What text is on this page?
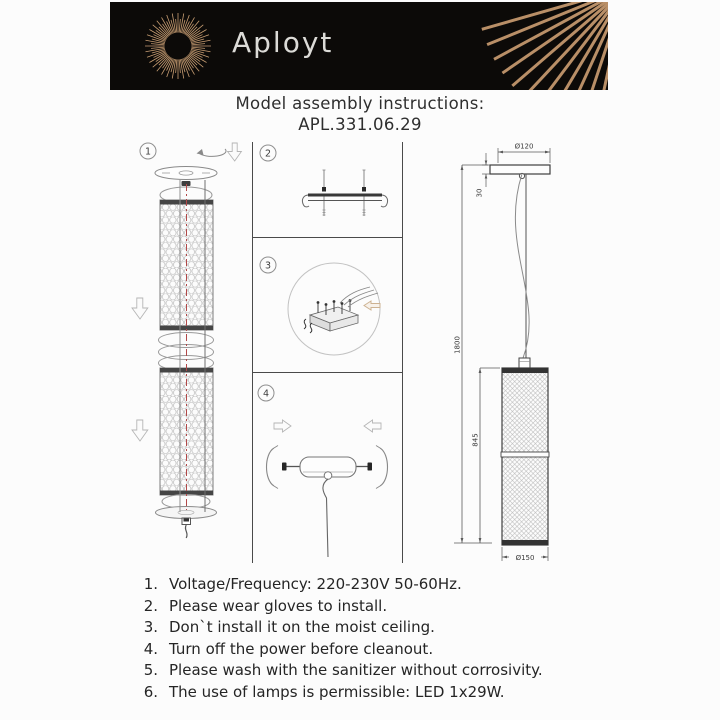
Aployt
Model assembly instructions:
APL.331.06.29
1	2
3
4
Ø120
30
1800
845
Ø150
1. Voltage/Frequency: 220-230V 50-60Hz.
2. Please wear gloves to install.
3. Don`t install it on the moist ceiling.
4. Turn off the power before cleanout.
5. Please wash with the sanitizer without corrosivity.
6. The use of lamps is permissible: LED 1x29W.
